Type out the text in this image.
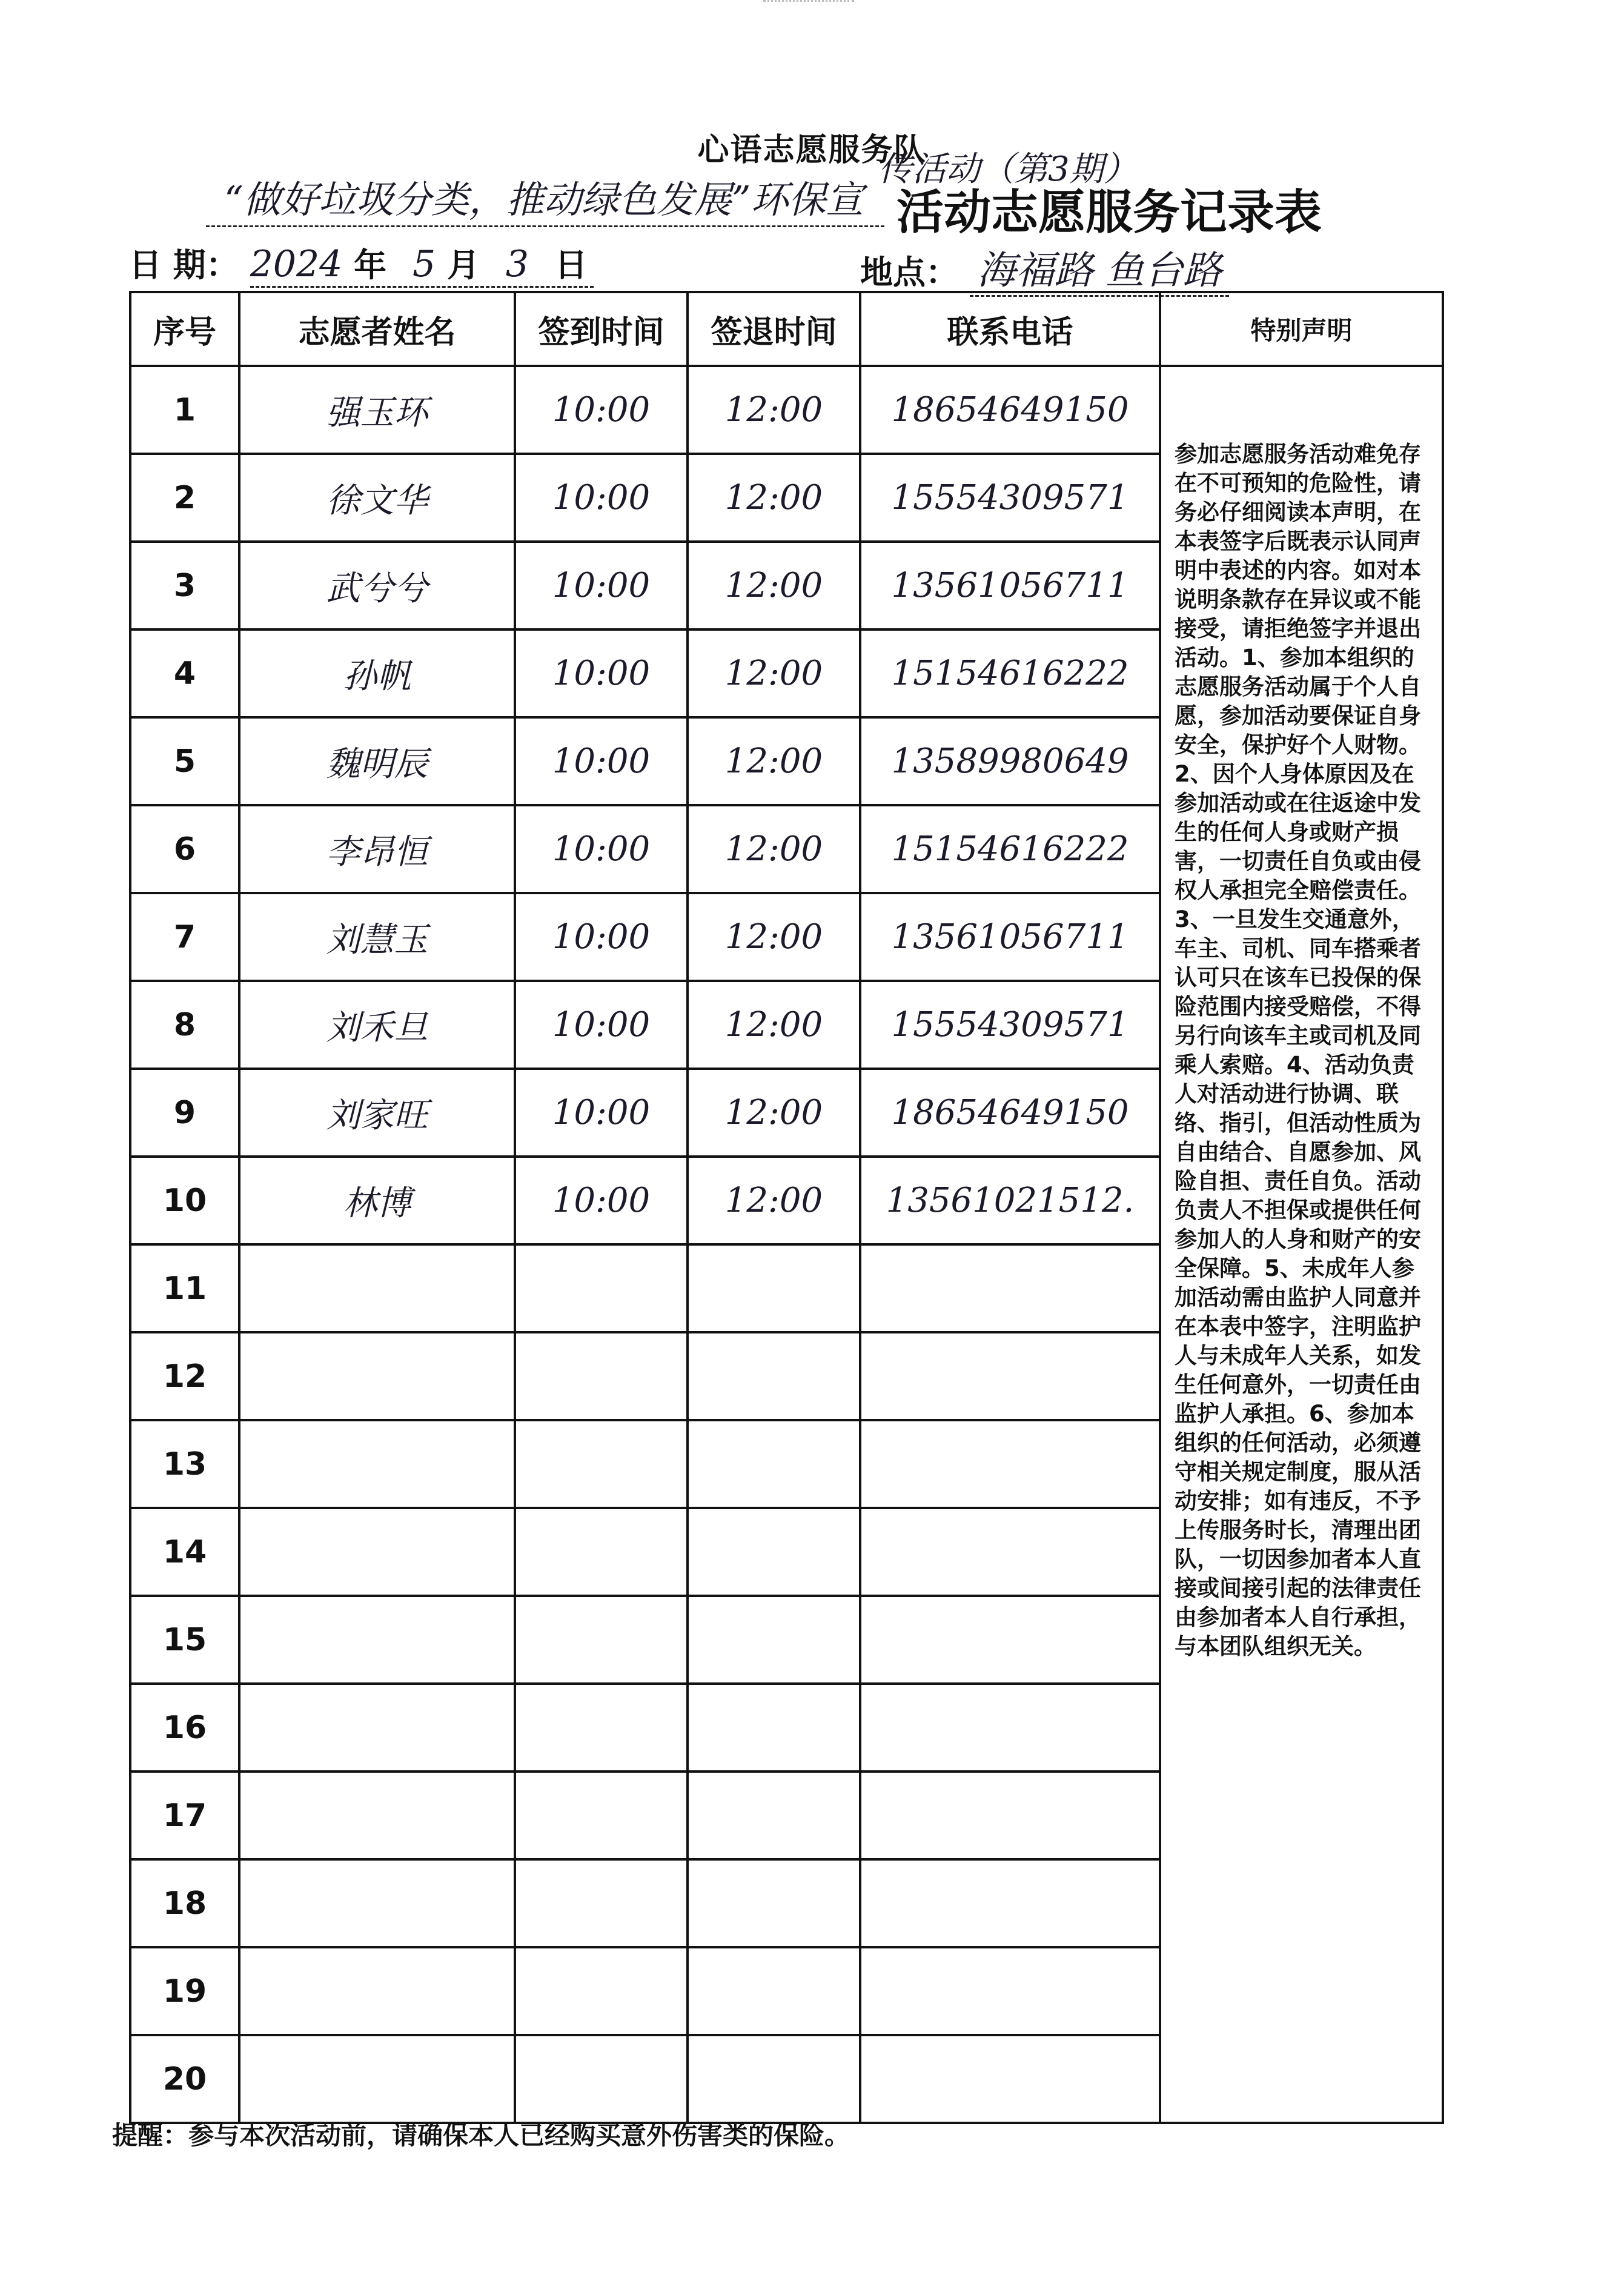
心语志愿服务队
“做好垃圾分类，推动绿色发展”环保宣
传活动（第3期）
活动志愿服务记录表
日 期： 2024 年 5 月 3 日	地点： 海福路 鱼台路
序号	志愿者姓名	签到时间	签退时间	联系电话	特别声明
1	强玉环	10:00	12:00	18654649150	参加志愿服务活动难免存在不可预知的危险性，请务必仔细阅读本声明，在本表签字后既表示认同声明中表述的内容。如对本说明条款存在异议或不能接受，请拒绝签字并退出活动。1、参加本组织的志愿服务活动属于个人自愿，参加活动要保证自身安全，保护好个人财物。2、因个人身体原因及在参加活动或在往返途中发生的任何人身或财产损害，一切责任自负或由侵权人承担完全赔偿责任。3、一旦发生交通意外，车主、司机、同车搭乘者认可只在该车已投保的保险范围内接受赔偿，不得另行向该车主或司机及同乘人索赔。4、活动负责人对活动进行协调、联络、指引，但活动性质为自由结合、自愿参加、风险自担、责任自负。活动负责人不担保或提供任何参加人的人身和财产的安全保障。5、未成年人参加活动需由监护人同意并在本表中签字，注明监护人与未成年人关系，如发生任何意外，一切责任由监护人承担。6、参加本组织的任何活动，必须遵守相关规定制度，服从活动安排；如有违反，不予上传服务时长，清理出团队，一切因参加者本人直接或间接引起的法律责任由参加者本人自行承担，与本团队组织无关。
2	徐文华	10:00	12:00	15554309571	
3	武兮兮	10:00	12:00	13561056711	
4	孙帆	10:00	12:00	15154616222	
5	魏明辰	10:00	12:00	13589980649	
6	李昂恒	10:00	12:00	15154616222	
7	刘慧玉	10:00	12:00	13561056711	
8	刘禾旦	10:00	12:00	15554309571	
9	刘家旺	10:00	12:00	18654649150	
10	林博	10:00	12:00	13561021512.	
11					
12					
13					
14					
15					
16					
17					
18					
19					
20					
提醒：参与本次活动前，请确保本人已经购买意外伤害类的保险。
